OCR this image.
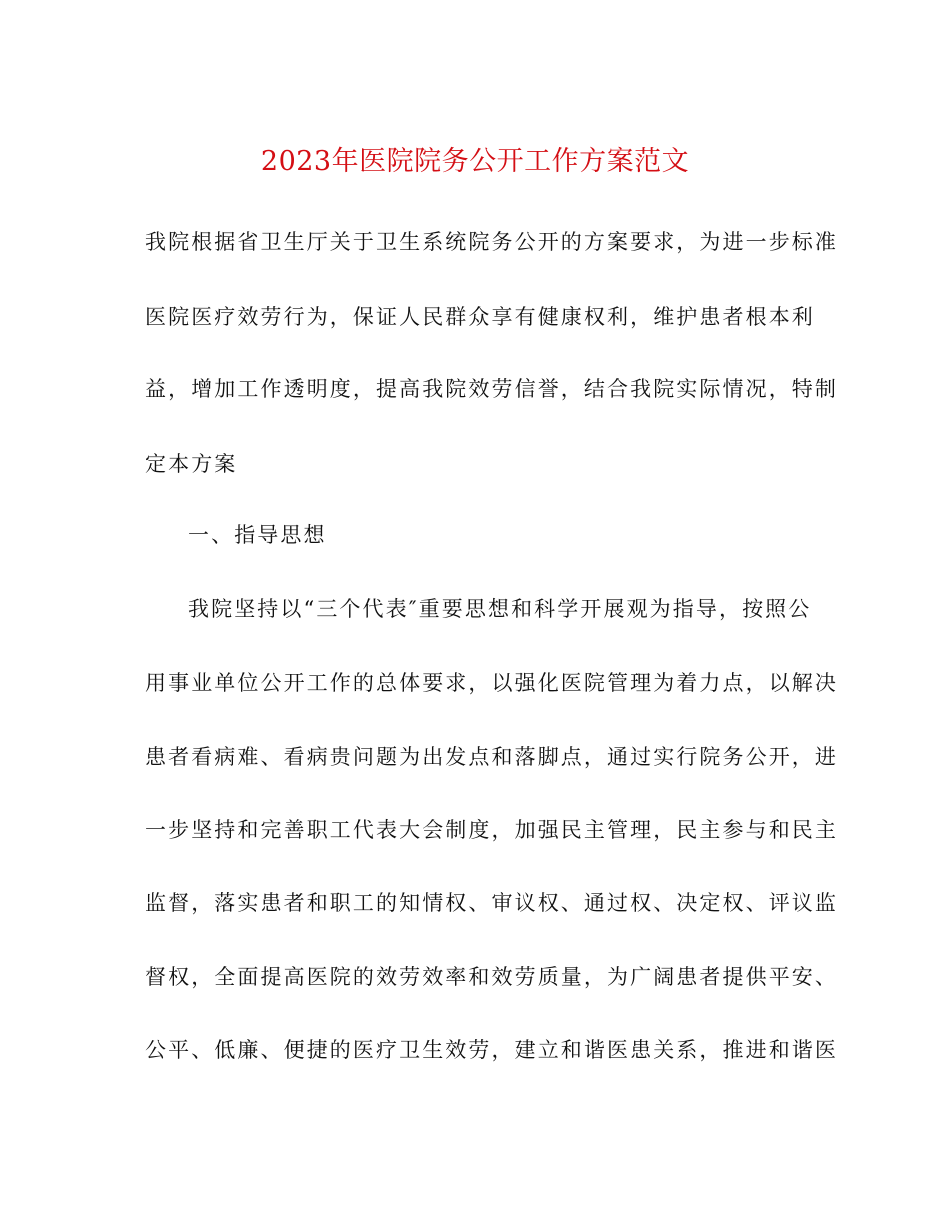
2023年医院院务公开工作方案范文
我院根据省卫生厅关于卫生系统院务公开的方案要求，为进一步标准
医院医疗效劳行为，保证人民群众享有健康权利，维护患者根本利
益，增加工作透明度，提高我院效劳信誉，结合我院实际情况，特制
定本方案
一、指导思想
我院坚持以“三个代表″重要思想和科学开展观为指导，按照公
用事业单位公开工作的总体要求，以强化医院管理为着力点，以解决
患者看病难、看病贵问题为出发点和落脚点，通过实行院务公开，进
一步坚持和完善职工代表大会制度，加强民主管理，民主参与和民主
监督，落实患者和职工的知情权、审议权、通过权、决定权、评议监
督权，全面提高医院的效劳效率和效劳质量，为广阔患者提供平安、
公平、低廉、便捷的医疗卫生效劳，建立和谐医患关系，推进和谐医
